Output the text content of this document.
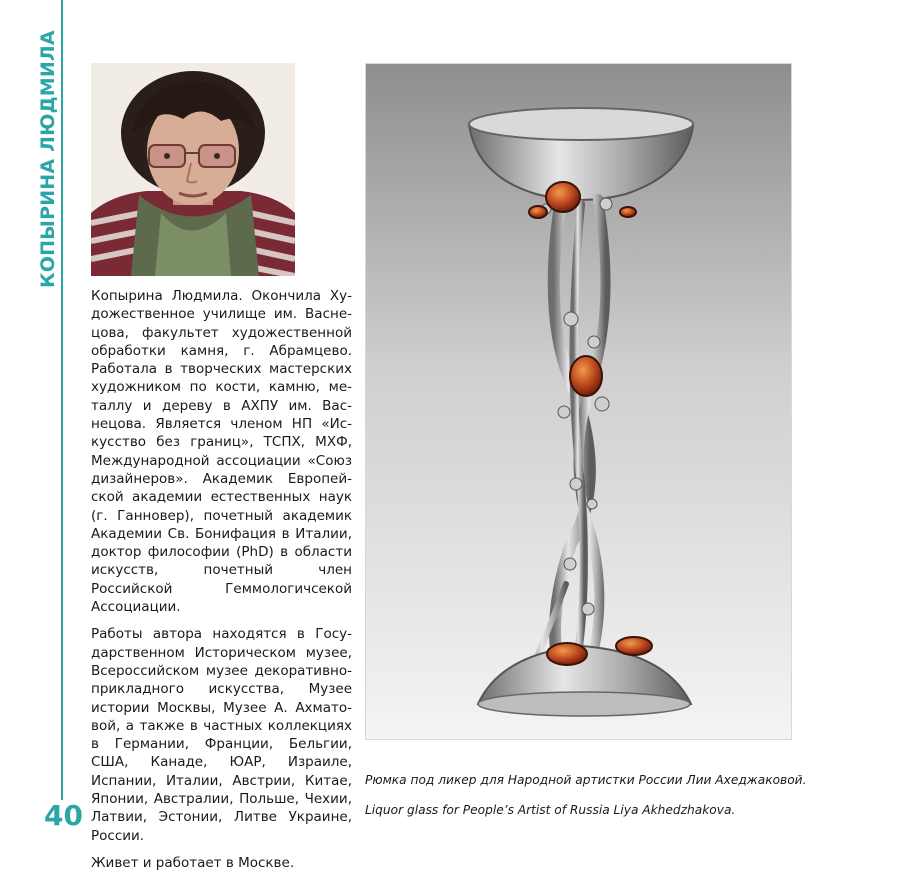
КОПЫРИНА ЛЮДМИЛА

Копырина Людмила. Окончила Художественное училище им. Васнецова, факультет художественной обработки камня, г. Абрамцево. Работала в творческих мастерских художником по кости, камню, металлу и дереву в АХПУ им. Васнецова. Является членом НП «Искусство без границ», ТСПХ, МХФ, Международной ассоциации «Союз дизайнеров». Академик Европейской академии естественных наук (г. Ганновер), почетный академик Академии Св. Бонифация в Италии, доктор философии (PhD) в области искусств, почетный член Российской Геммологичсекой Ассоциации.

Работы автора находятся в Государственном Историческом музее, Всероссийском музее декоративно-прикладного искусства, Музее истории Москвы, Музее А. Ахматовой, а также в частных коллекциях в Германии, Франции, Бельгии, США, Канаде, ЮАР, Израиле, Испании, Италии, Австрии, Китае, Японии, Австралии, Польше, Чехии, Латвии, Эстонии, Литве Украине, России.

Живет и работает в Москве.

Рюмка под ликер для Народной артистки России Лии Ахеджаковой.
Liquor glass for People’s Artist of Russia Liya Akhedzhakova.
40
